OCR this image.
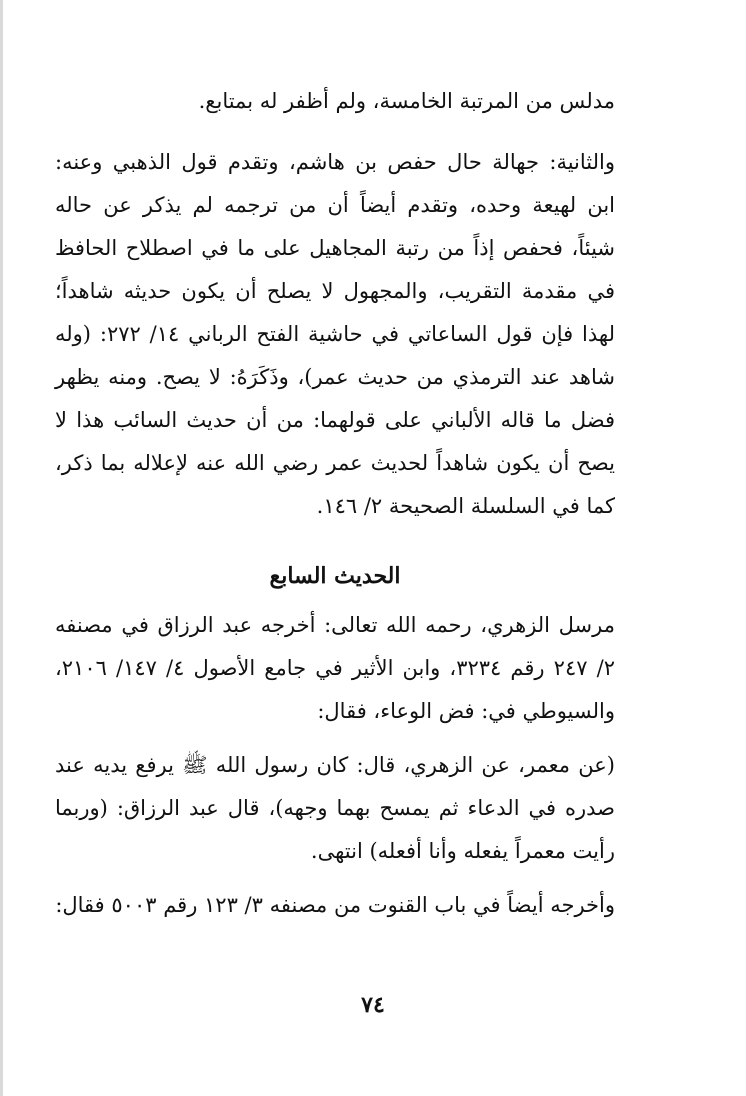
مدلس من المرتبة الخامسة، ولم أظفر له بمتابع.

والثانية: جهالة حال حفص بن هاشم، وتقدم قول الذهبي وعنه: ابن لهيعة وحده، وتقدم أيضاً أن من ترجمه لم يذكر عن حاله شيئاً، فحفص إذاً من رتبة المجاهيل على ما في اصطلاح الحافظ في مقدمة التقريب، والمجهول لا يصلح أن يكون حديثه شاهداً؛ لهذا فإن قول الساعاتي في حاشية الفتح الرباني ١٤/ ٢٧٢: (وله شاهد عند الترمذي من حديث عمر)، وذَكَرَهُ: لا يصح. ومنه يظهر فضل ما قاله الألباني على قولهما: من أن حديث السائب هذا لا يصح أن يكون شاهداً لحديث عمر رضي الله عنه لإعلاله بما ذكر، كما في السلسلة الصحيحة ٢/ ١٤٦.

الحديث السابع

مرسل الزهري، رحمه الله تعالى: أخرجه عبد الرزاق في مصنفه ٢/ ٢٤٧ رقم ٣٢٣٤، وابن الأثير في جامع الأصول ٤/ ١٤٧/ ٢١٠٦، والسيوطي في: فض الوعاء، فقال:

(عن معمر، عن الزهري، قال: كان رسول الله ﷺ يرفع يديه عند صدره في الدعاء ثم يمسح بهما وجهه)، قال عبد الرزاق: (وربما رأيت معمراً يفعله وأنا أفعله) انتهى.

وأخرجه أيضاً في باب القنوت من مصنفه ٣/ ١٢٣ رقم ٥٠٠٣ فقال:

٧٤
